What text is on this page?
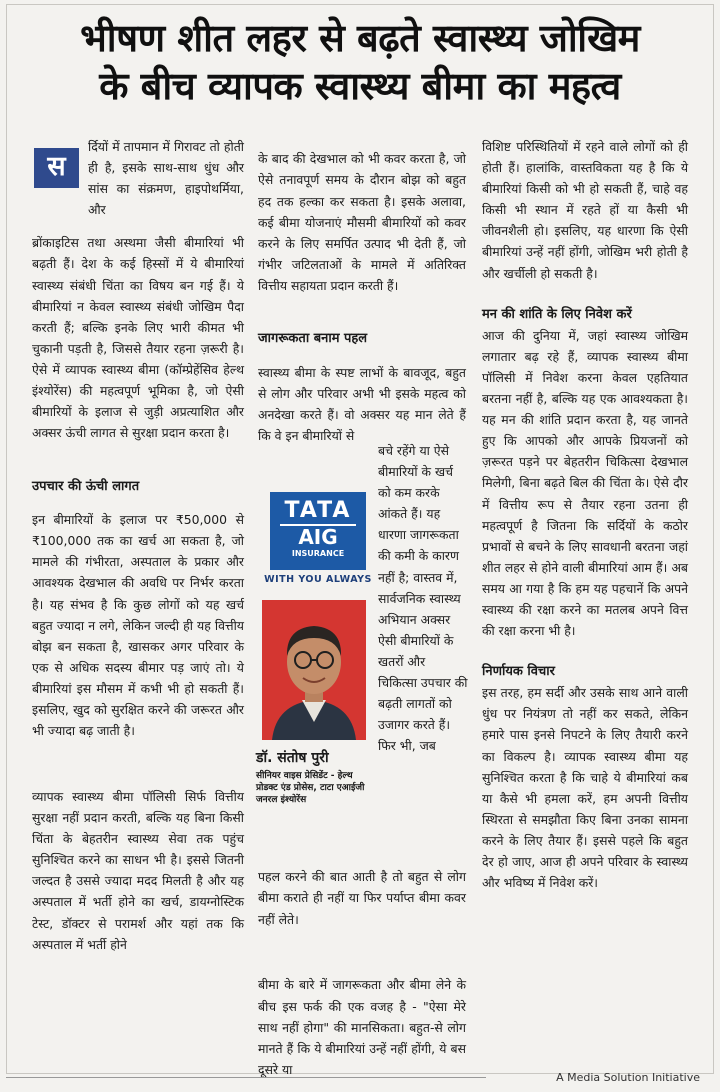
भीषण शीत लहर से बढ़ते स्वास्थ्य जोखिम
के बीच व्यापक स्वास्थ्य बीमा का महत्व
स
र्दियों में तापमान में गिरावट तो होती ही है, इसके साथ-साथ धुंध और सांस का संक्रमण, हाइपोथर्मिया, और

ब्रोंकाइटिस तथा अस्थमा जैसी बीमारियां भी बढ़ती हैं। देश के कई हिस्सों में ये बीमारियां स्वास्थ्य संबंधी चिंता का विषय बन गई हैं। ये बीमारियां न केवल स्वास्थ्य संबंधी जोखिम पैदा करती हैं; बल्कि इनके लिए भारी कीमत भी चुकानी पड़ती है, जिससे तैयार रहना ज़रूरी है। ऐसे में व्यापक स्वास्थ्य बीमा (कॉम्प्रेहेंसिव हेल्थ इंश्योरेंस) की महत्वपूर्ण भूमिका है, जो ऐसी बीमारियों के इलाज से जुड़ी अप्रत्याशित और अक्सर ऊंची लागत से सुरक्षा प्रदान करता है।

उपचार की ऊंची लागत

इन बीमारियों के इलाज पर ₹50,000 से ₹100,000 तक का खर्च आ सकता है, जो मामले की गंभीरता, अस्पताल के प्रकार और आवश्यक देखभाल की अवधि पर निर्भर करता है। यह संभव है कि कुछ लोगों को यह खर्च बहुत ज्यादा न लगे, लेकिन जल्दी ही यह वित्तीय बोझ बन सकता है, खासकर अगर परिवार के एक से अधिक सदस्य बीमार पड़ जाएं तो। ये बीमारियां इस मौसम में कभी भी हो सकती हैं। इसलिए, खुद को सुरक्षित करने की जरूरत और भी ज्यादा बढ़ जाती है।

व्यापक स्वास्थ्य बीमा पॉलिसी सिर्फ वित्तीय सुरक्षा नहीं प्रदान करती, बल्कि यह बिना किसी चिंता के बेहतरीन स्वास्थ्य सेवा तक पहुंच सुनिश्चित करने का साधन भी है। इससे जितनी जल्दत है उससे ज्यादा मदद मिलती है और यह अस्पताल में भर्ती होने का खर्च, डायग्नोस्टिक टेस्ट, डॉक्टर से परामर्श और यहां तक कि अस्पताल में भर्ती होने

के बाद की देखभाल को भी कवर करता है, जो ऐसे तनावपूर्ण समय के दौरान बोझ को बहुत हद तक हल्का कर सकता है। इसके अलावा, कई बीमा योजनाएं मौसमी बीमारियों को कवर करने के लिए समर्पित उत्पाद भी देती हैं, जो गंभीर जटिलताओं के मामले में अतिरिक्त वित्तीय सहायता प्रदान करती हैं।

जागरूकता बनाम पहल

स्वास्थ्य बीमा के स्पष्ट लाभों के बावजूद, बहुत से लोग और परिवार अभी भी इसके महत्व को अनदेखा करते हैं। वो अक्सर यह मान लेते हैं कि वे इन बीमारियों से

TATA
AIG
INSURANCE
WITH YOU ALWAYS
डॉ. संतोष पुरी
सीनियर वाइस प्रेसिडेंट - हेल्थ प्रोडक्ट एंड प्रोसेस, टाटा एआईजी जनरल इंश्योरेंस
बचे रहेंगे या ऐसे बीमारियों के खर्च को कम करके आंकते हैं। यह धारणा जागरूकता की कमी के कारण नहीं है; वास्तव में, सार्वजनिक स्वास्थ्य अभियान अक्सर ऐसी बीमारियों के खतरों और चिकित्सा उपचार की बढ़ती लागतों को उजागर करते हैं। फिर भी, जब

पहल करने की बात आती है तो बहुत से लोग बीमा कराते ही नहीं या फिर पर्याप्त बीमा कवर नहीं लेते।

बीमा के बारे में जागरूकता और बीमा लेने के बीच इस फर्क की एक वजह है - "ऐसा मेरे साथ नहीं होगा" की मानसिकता। बहुत-से लोग मानते हैं कि ये बीमारियां उन्हें नहीं होंगी, ये बस दूसरे या

विशिष्ट परिस्थितियों में रहने वाले लोगों को ही होती हैं। हालांकि, वास्तविकता यह है कि ये बीमारियां किसी को भी हो सकती हैं, चाहे वह किसी भी स्थान में रहते हों या कैसी भी जीवनशैली हो। इसलिए, यह धारणा कि ऐसी बीमारियां उन्हें नहीं होंगी, जोखिम भरी होती है और खर्चीली हो सकती है।

मन की शांति के लिए निवेश करें

आज की दुनिया में, जहां स्वास्थ्य जोखिम लगातार बढ़ रहे हैं, व्यापक स्वास्थ्य बीमा पॉलिसी में निवेश करना केवल एहतियात बरतना नहीं है, बल्कि यह एक आवश्यकता है। यह मन की शांति प्रदान करता है, यह जानते हुए कि आपको और आपके प्रियजनों को ज़रूरत पड़ने पर बेहतरीन चिकित्सा देखभाल मिलेगी, बिना बढ़ते बिल की चिंता के। ऐसे दौर में वित्तीय रूप से तैयार रहना उतना ही महत्वपूर्ण है जितना कि सर्दियों के कठोर प्रभावों से बचने के लिए सावधानी बरतना जहां शीत लहर से होने वाली बीमारियां आम हैं। अब समय आ गया है कि हम यह पहचानें कि अपने स्वास्थ्य की रक्षा करने का मतलब अपने वित्त की रक्षा करना भी है।

निर्णायक विचार

इस तरह, हम सर्दी और उसके साथ आने वाली धुंध पर नियंत्रण तो नहीं कर सकते, लेकिन हमारे पास इनसे निपटने के लिए तैयारी करने का विकल्प है। व्यापक स्वास्थ्य बीमा यह सुनिश्चित करता है कि चाहे ये बीमारियां कब या कैसे भी हमला करें, हम अपनी वित्तीय स्थिरता से समझौता किए बिना उनका सामना करने के लिए तैयार हैं। इससे पहले कि बहुत देर हो जाए, आज ही अपने परिवार के स्वास्थ्य और भविष्य में निवेश करें।

A Media Solution Initiative
